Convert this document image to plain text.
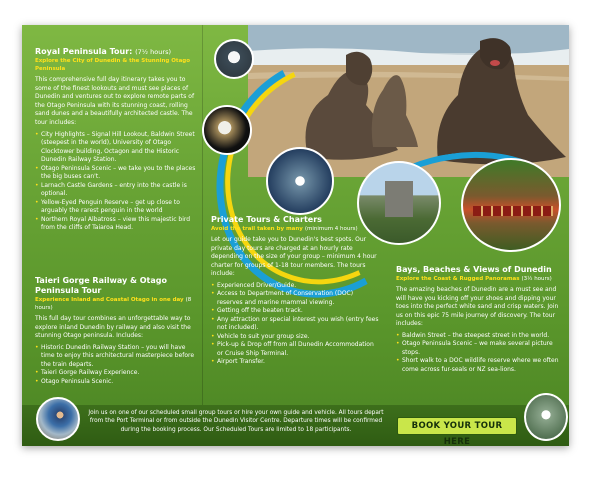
Royal Peninsula Tour: (7½ hours)
Explore the City of Dunedin & the Stunning Otago Peninsula

This comprehensive full day itinerary takes you to some of the finest lookouts and must see places of Dunedin and ventures out to explore remote parts of the Otago Peninsula with its stunning coast, rolling sand dunes and a beautifully architected castle. The tour includes:

• City Highlights – Signal Hill Lookout, Baldwin Street (steepest in the world), University of Otago Clocktower building, Octagon and the Historic Dunedin Railway Station.
• Otago Peninsula Scenic – we take you to the places the big buses can't.
• Larnach Castle Gardens – entry into the castle is optional.
• Yellow-Eyed Penguin Reserve – get up close to arguably the rarest penguin in the world
• Northern Royal Albatross – view this majestic bird from the cliffs of Taiaroa Head.
Taieri Gorge Railway & Otago Peninsula Tour
Experience Inland and Coastal Otago in one day (8 hours)

This full day tour combines an unforgettable way to explore inland Dunedin by railway and also visit the stunning Otago peninsula. Includes:

• Historic Dunedin Railway Station – you will have time to enjoy this architectural masterpiece before the train departs.
• Taieri Gorge Railway Experience.
• Otago Peninsula Scenic.
Private Tours & Charters
Avoid the trail taken by many (minimum 4 hours)

Let our guide take you to Dunedin's best spots. Our private day tours are charged at an hourly rate depending on the size of your group – minimum 4 hour charter for groups of 1-18 tour members. The tours include:

• Experienced Driver/Guide.
• Access to Department of Conservation (DOC) reserves and marine mammal viewing.
• Getting off the beaten track.
• Any attraction or special interest you wish (entry fees not included).
• Vehicle to suit your group size.
• Pick-up & Drop off from all Dunedin Accommodation or Cruise Ship Terminal.
• Airport Transfer.
Bays, Beaches & Views of Dunedin
Explore the Coast & Rugged Panoramas (3½ hours)

The amazing beaches of Dunedin are a must see and will have you kicking off your shoes and dipping your toes into the perfect white sand and crisp waters. Join us on this epic 75 mile journey of discovery. The tour includes:

• Baldwin Street – the steepest street in the world.
• Otago Peninsula Scenic – we make several picture stops.
• Short walk to a DOC wildlife reserve where we often come across fur-seals or NZ sea-lions.
Join us on one of our scheduled small group tours or hire your own guide and vehicle. All tours depart from the Port Terminal or from outside the Dunedin Visitor Centre. Departure times will be confirmed during the booking process. Our Scheduled Tours are limited to 18 participants.	BOOK YOUR TOUR HERE
